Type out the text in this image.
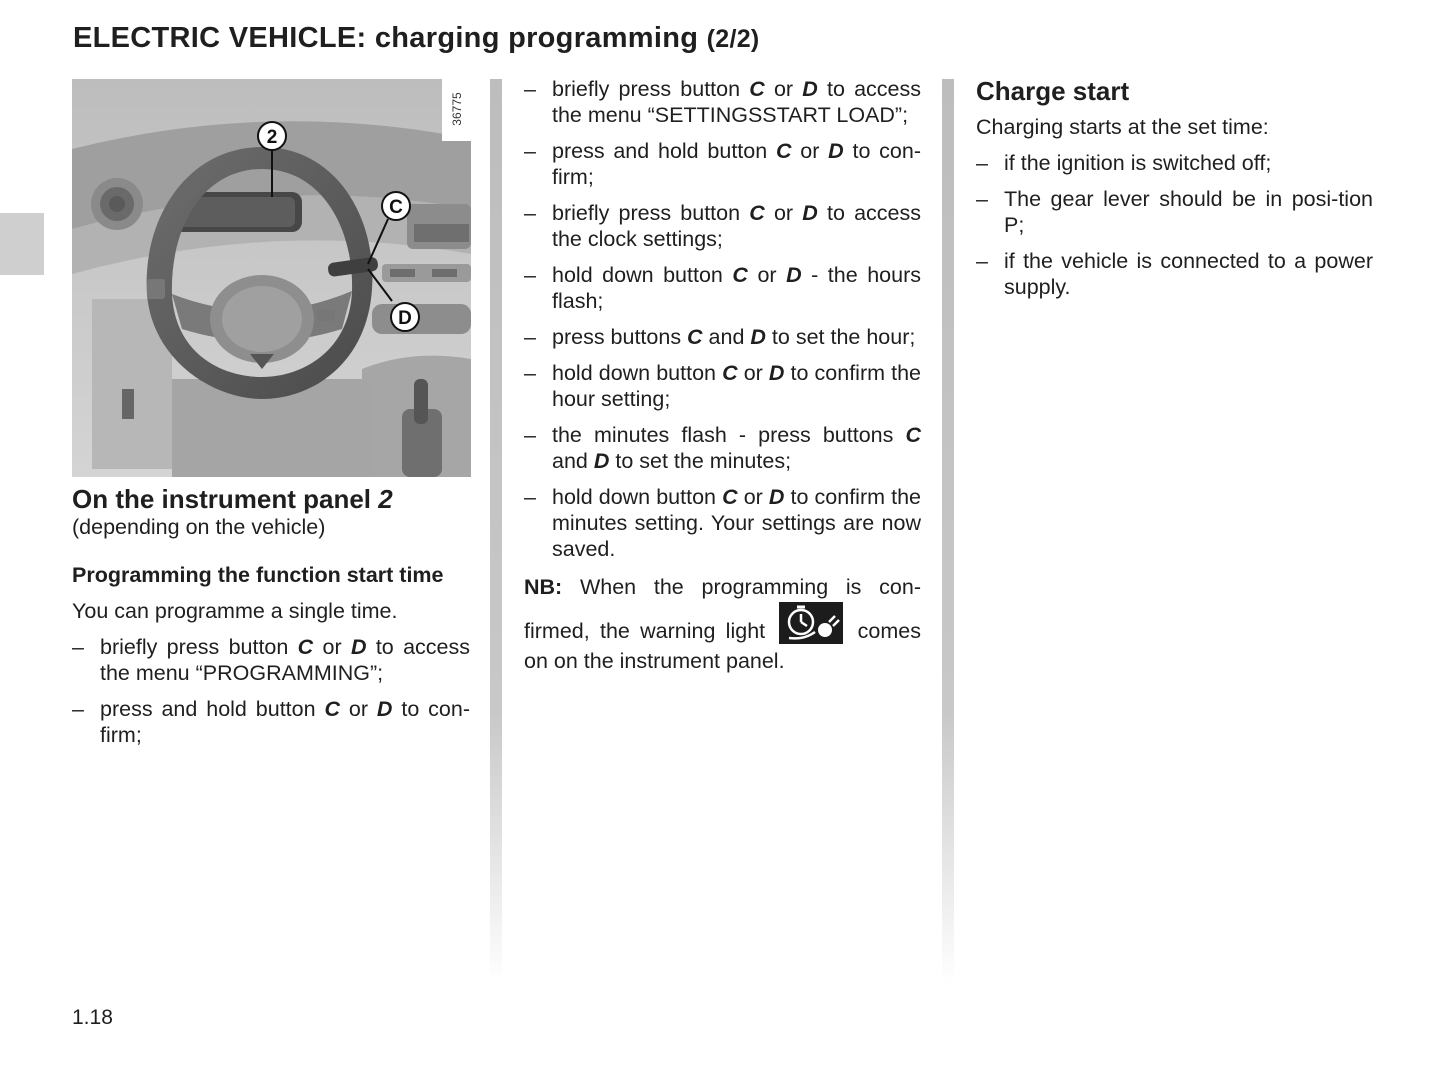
ELECTRIC VEHICLE: charging programming (2/2)
2
C
D
36775

On the instrument panel 2

(depending on the vehicle)

Programming the function start time

You can programme a single time.

– briefly press button C or D to access the menu “PROGRAMMING”;
– press and hold button C or D to con-firm;
– briefly press button C or D to access the menu “SETTINGSSTART LOAD”;
– press and hold button C or D to con-firm;
– briefly press button C or D to access the clock settings;
– hold down button C or D - the hours flash;
– press buttons C and D to set the hour;
– hold down button C or D to confirm the hour setting;
– the minutes flash - press buttons C and D to set the minutes;
– hold down button C or D to confirm the minutes setting. Your settings are now saved.

NB: When the programming is con-firmed, the warning light	comes on on the instrument panel.

Charge start

Charging starts at the set time:

– if the ignition is switched off;
– The gear lever should be in posi-tion P;
– if the vehicle is connected to a power supply.
1.18
